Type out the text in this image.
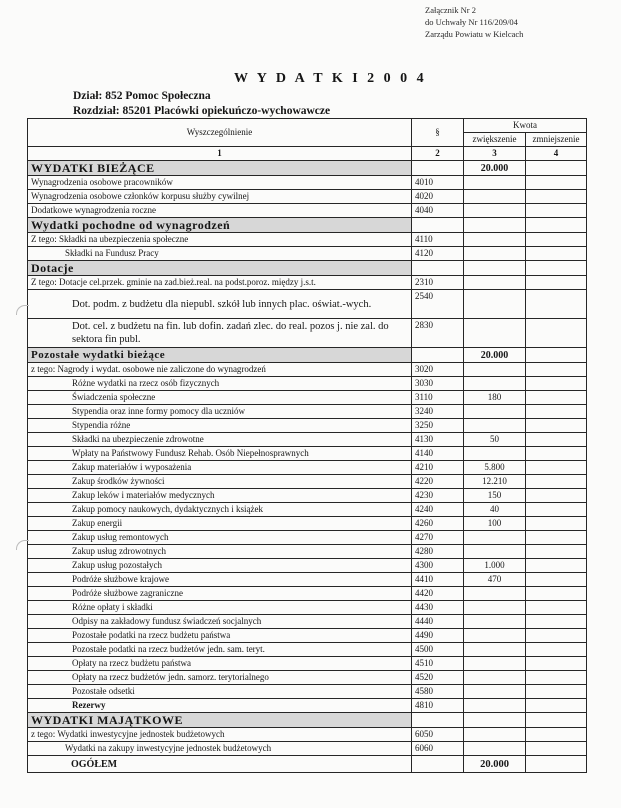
Załącznik Nr 2
do Uchwały Nr 116/209/04
Zarządu Powiatu w Kielcach
W Y D A T K I 2 0 0 4
Dział: 852 Pomoc Społeczna
Rozdział: 85201 Placówki opiekuńczo-wychowawcze
Wyszczególnienie	§	Kwota	
		zwiększenie	zmniejszenie
1	2	3	4
WYDATKI BIEŻĄCE		20.000	
Wynagrodzenia osobowe pracowników	4010		
Wynagrodzenia osobowe członków korpusu służby cywilnej	4020		
Dodatkowe wynagrodzenia roczne	4040		
Wydatki pochodne od wynagrodzeń			
Z tego: Składki na ubezpieczenia społeczne	4110		
Składki na Fundusz Pracy	4120		
Dotacje			
Z tego: Dotacje cel.przek. gminie na zad.bież.real. na podst.poroz. między j.s.t.	2310		
Dot. podm. z budżetu dla niepubl. szkół lub innych plac. oświat.-wych.	2540		
Dot. cel. z budżetu na fin. lub dofin. zadań zlec. do real. pozos j. nie zal. do sektora fin publ.	2830		
Pozostałe wydatki bieżące		20.000	
z tego: Nagrody i wydat. osobowe nie zaliczone do wynagrodzeń	3020		
Różne wydatki na rzecz osób fizycznych	3030		
Świadczenia społeczne	3110	180	
Stypendia oraz inne formy pomocy dla uczniów	3240		
Stypendia różne	3250		
Składki na ubezpieczenie zdrowotne	4130	50	
Wpłaty na Państwowy Fundusz Rehab. Osób Niepełnosprawnych	4140		
Zakup materiałów i wyposażenia	4210	5.800	
Zakup środków żywności	4220	12.210	
Zakup leków i materiałów medycznych	4230	150	
Zakup pomocy naukowych, dydaktycznych i książek	4240	40	
Zakup energii	4260	100	
Zakup usług remontowych	4270		
Zakup usług zdrowotnych	4280		
Zakup usług pozostałych	4300	1.000	
Podróże służbowe krajowe	4410	470	
Podróże służbowe zagraniczne	4420		
Różne opłaty i składki	4430		
Odpisy na zakładowy fundusz świadczeń socjalnych	4440		
Pozostałe podatki na rzecz budżetu państwa	4490		
Pozostałe podatki na rzecz budżetów jedn. sam. teryt.	4500		
Opłaty na rzecz budżetu państwa	4510		
Opłaty na rzecz budżetów jedn. samorz. terytorialnego	4520		
Pozostałe odsetki	4580		
Rezerwy	4810		
WYDATKI MAJĄTKOWE			
z tego: Wydatki inwestycyjne jednostek budżetowych	6050		
Wydatki na zakupy inwestycyjne jednostek budżetowych	6060		
OGÓŁEM		20.000	
